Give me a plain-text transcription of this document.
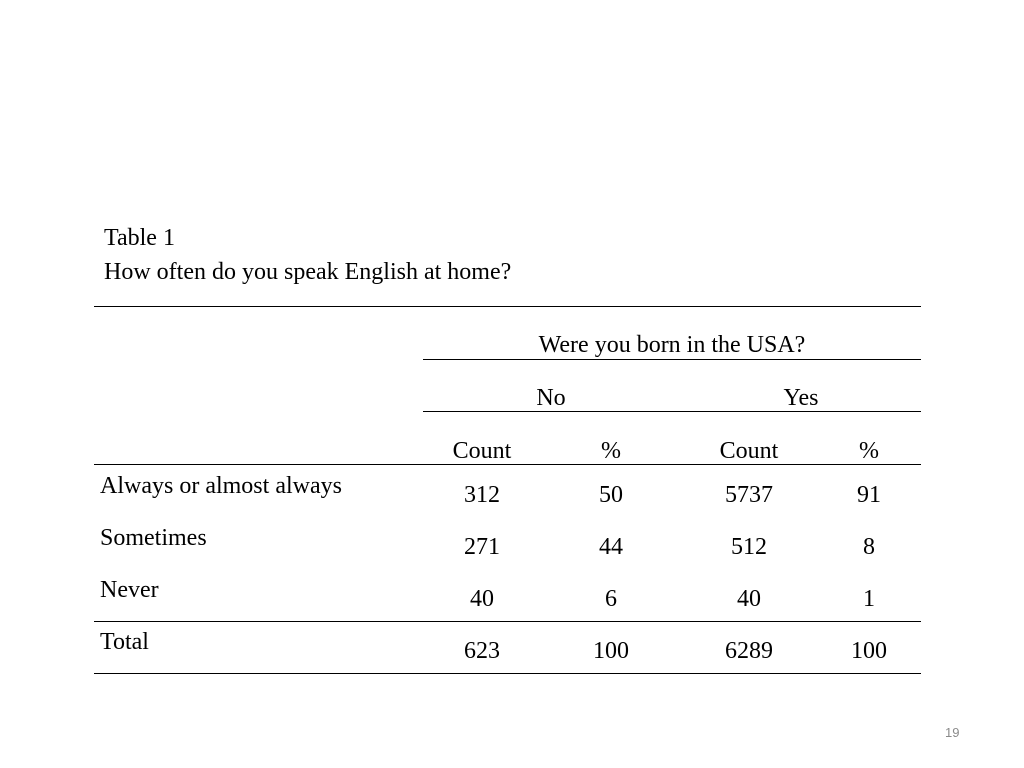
Table 1
How often do you speak English at home?
Were you born in the USA?
No	Yes
Count	%	Count	%
Always or almost always	312	50	5737	91
Sometimes	271	44	512	8
Never	40	6	40	1
Total	623	100	6289	100
19
